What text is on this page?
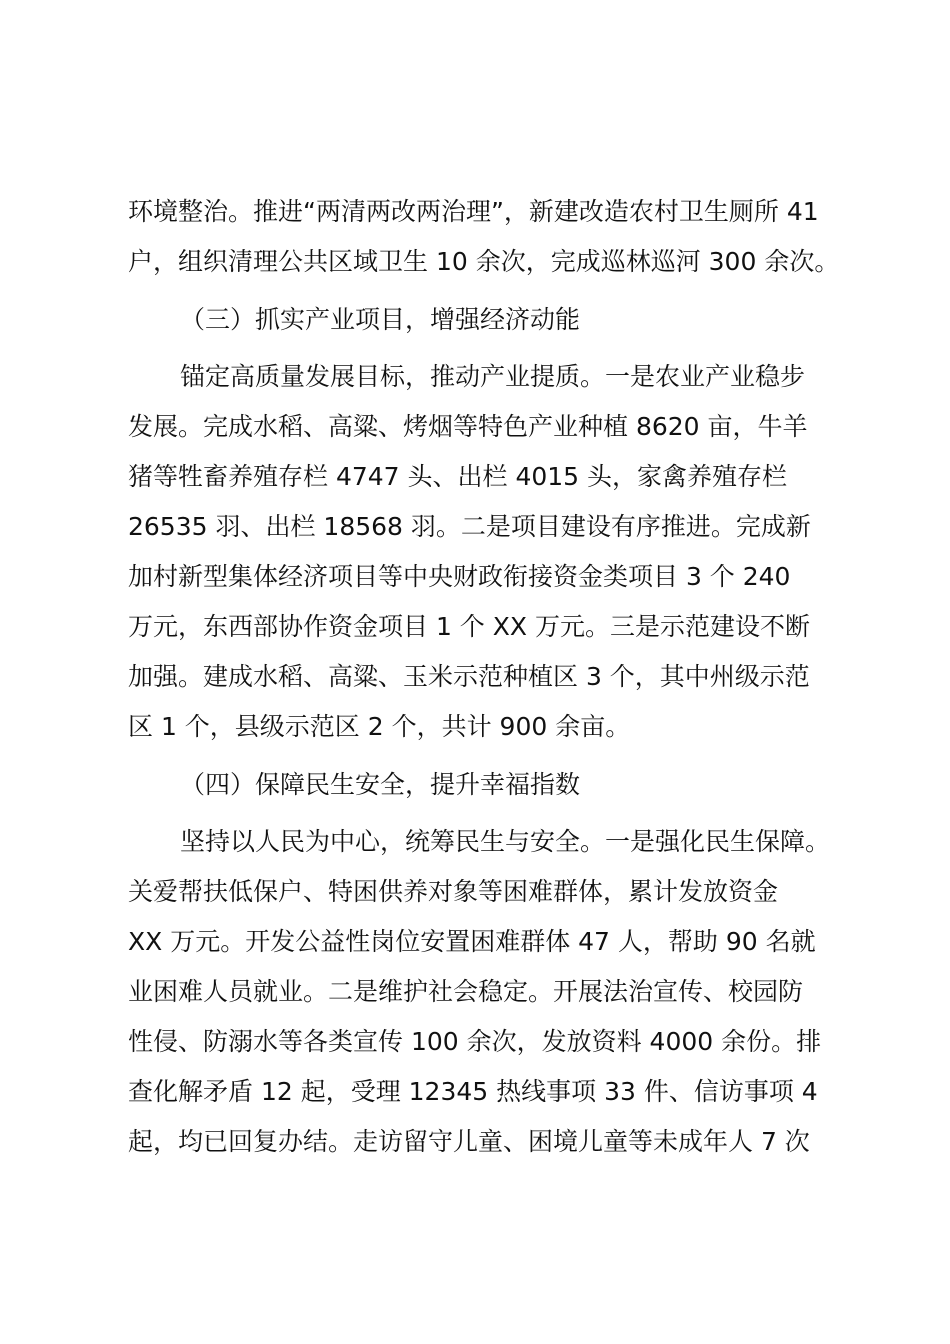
环境整治。推进“两清两改两治理”，新建改造农村卫生厕所 41
户，组织清理公共区域卫生 10 余次，完成巡林巡河 300 余次。
（三）抓实产业项目，增强经济动能
锚定高质量发展目标，推动产业提质。一是农业产业稳步
发展。完成水稻、高粱、烤烟等特色产业种植 8620 亩，牛羊
猪等牲畜养殖存栏 4747 头、出栏 4015 头，家禽养殖存栏
26535 羽、出栏 18568 羽。二是项目建设有序推进。完成新
加村新型集体经济项目等中央财政衔接资金类项目 3 个 240
万元，东西部协作资金项目 1 个 XX 万元。三是示范建设不断
加强。建成水稻、高粱、玉米示范种植区 3 个，其中州级示范
区 1 个，县级示范区 2 个，共计 900 余亩。
（四）保障民生安全，提升幸福指数
坚持以人民为中心，统筹民生与安全。一是强化民生保障。
关爱帮扶低保户、特困供养对象等困难群体，累计发放资金
XX 万元。开发公益性岗位安置困难群体 47 人，帮助 90 名就
业困难人员就业。二是维护社会稳定。开展法治宣传、校园防
性侵、防溺水等各类宣传 100 余次，发放资料 4000 余份。排
查化解矛盾 12 起，受理 12345 热线事项 33 件、信访事项 4
起，均已回复办结。走访留守儿童、困境儿童等未成年人 7 次
